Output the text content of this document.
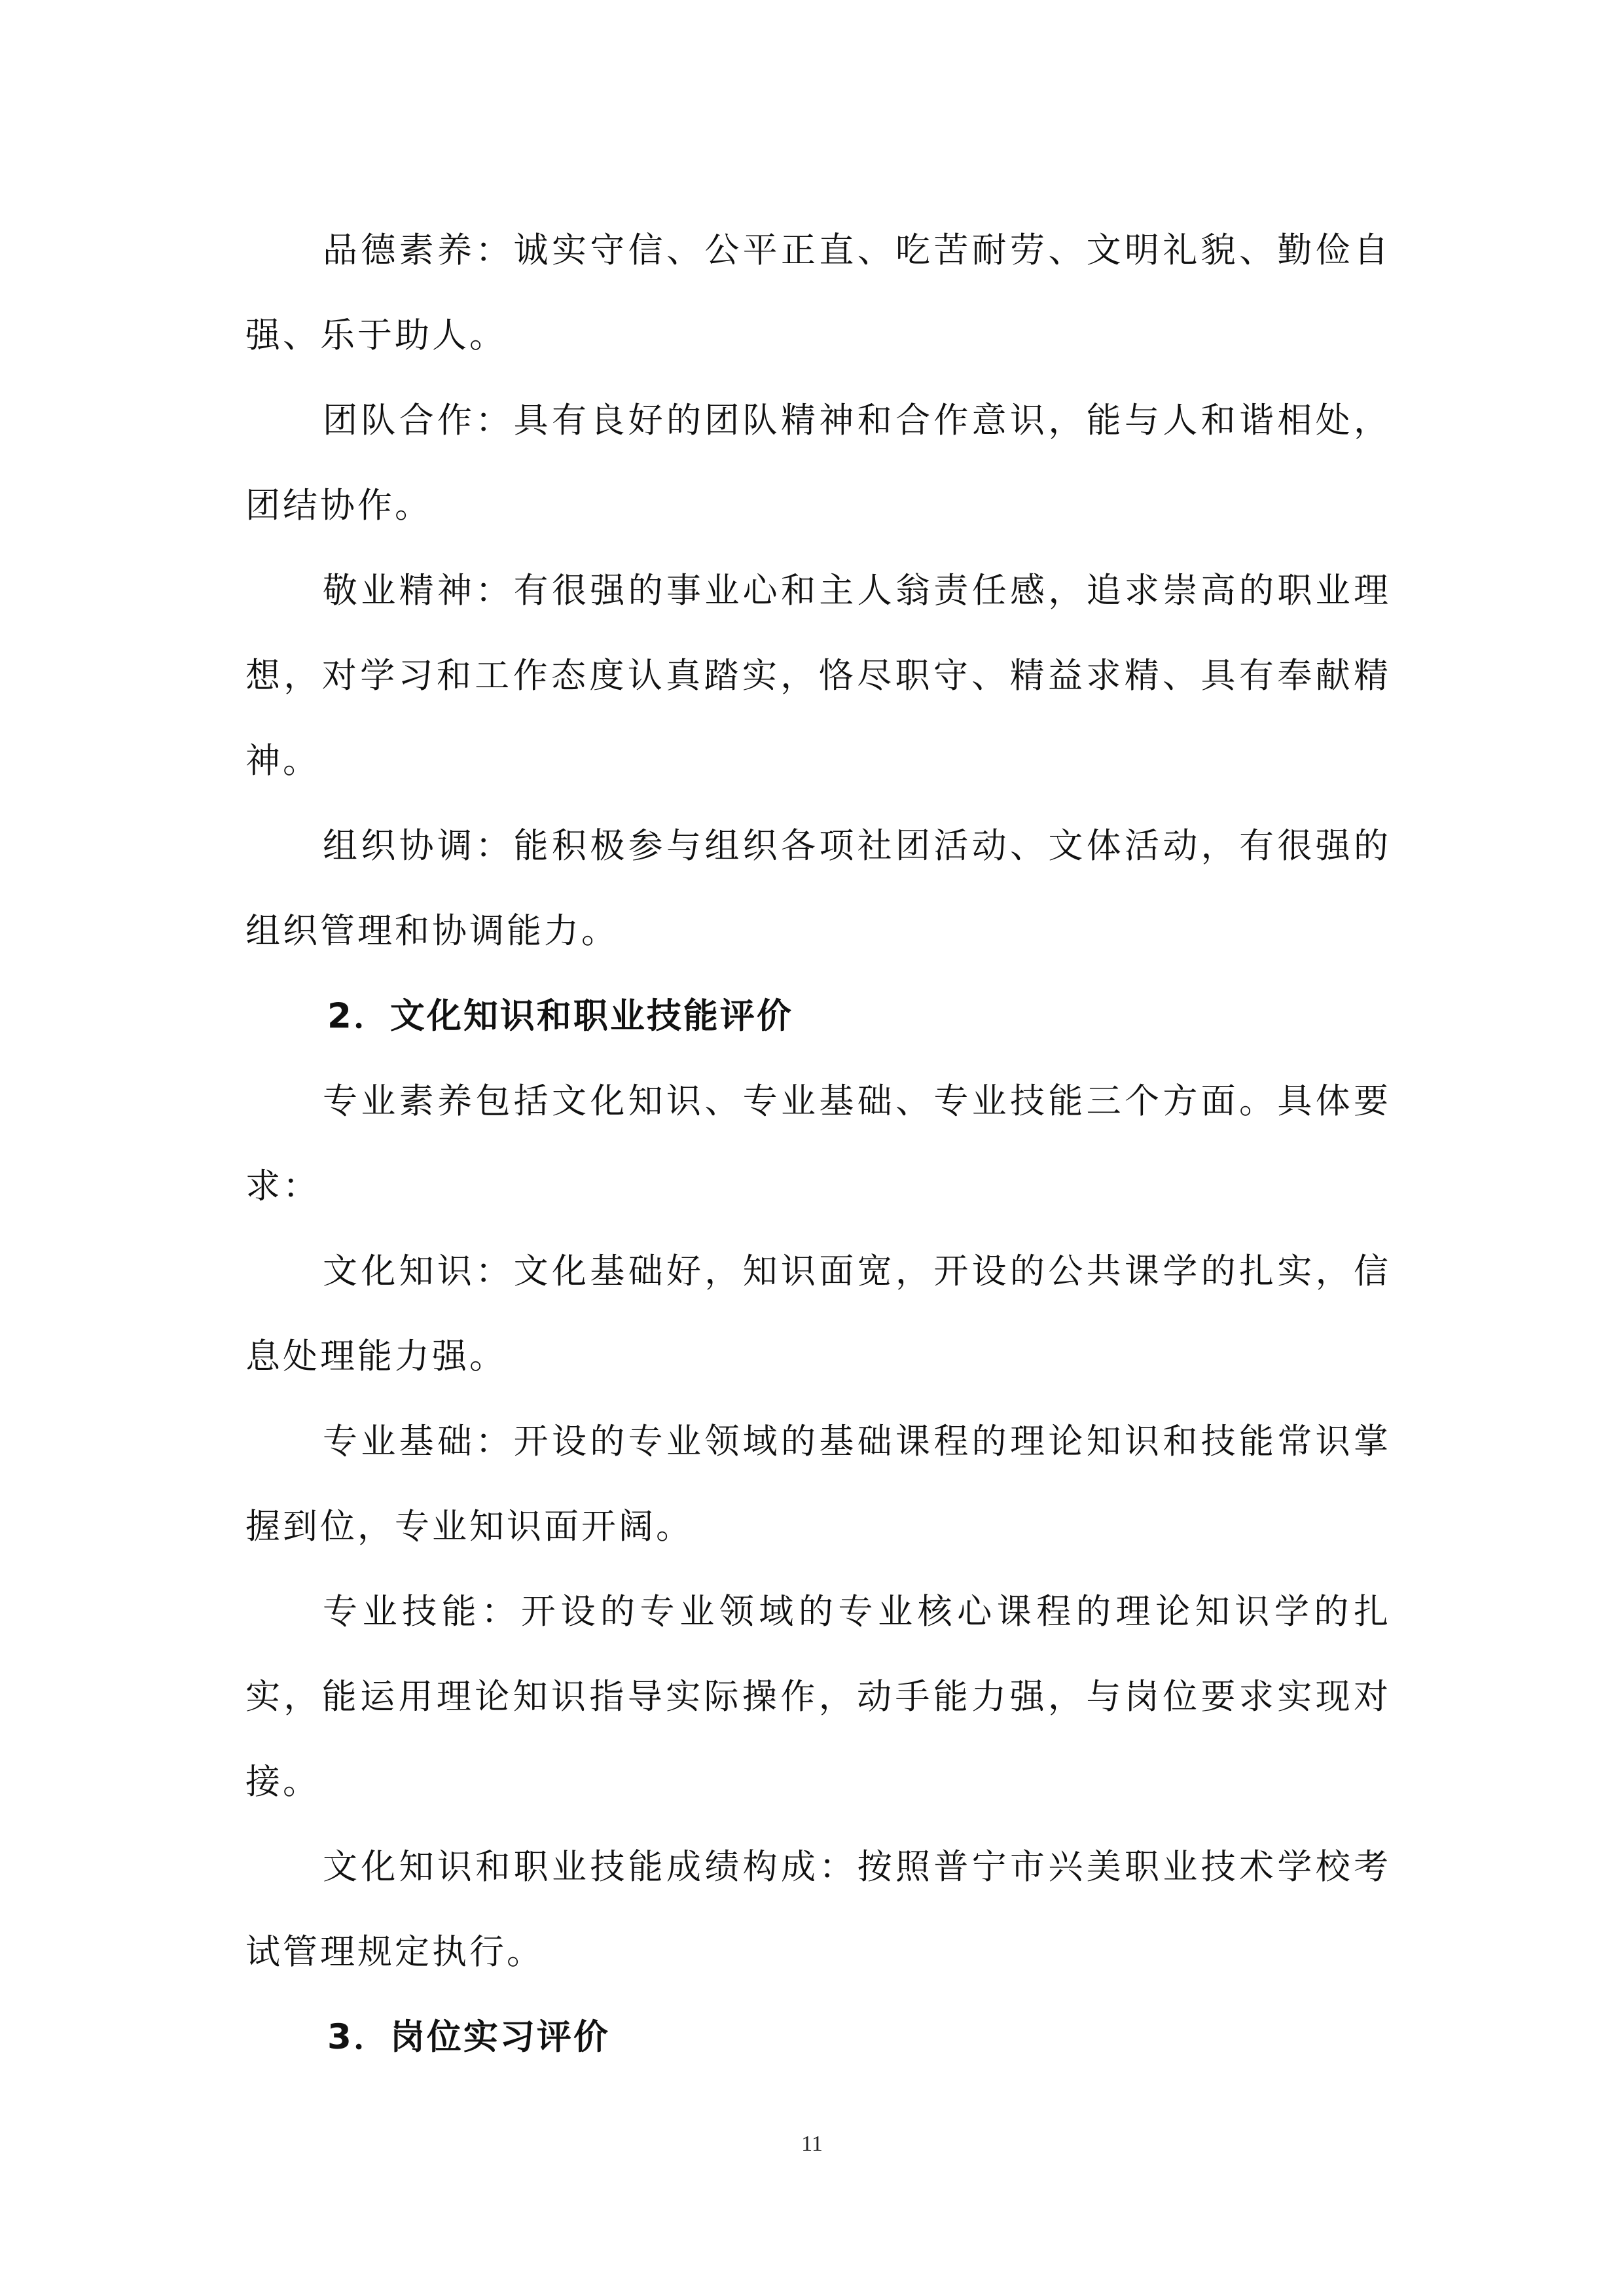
品德素养：诚实守信、公平正直、吃苦耐劳、文明礼貌、勤俭自强、乐于助人。

团队合作：具有良好的团队精神和合作意识，能与人和谐相处，团结协作。

敬业精神：有很强的事业心和主人翁责任感，追求崇高的职业理想，对学习和工作态度认真踏实，恪尽职守、精益求精、具有奉献精神。

组织协调：能积极参与组织各项社团活动、文体活动，有很强的组织管理和协调能力。

2．文化知识和职业技能评价

专业素养包括文化知识、专业基础、专业技能三个方面。具体要求：

文化知识：文化基础好，知识面宽，开设的公共课学的扎实，信息处理能力强。

专业基础：开设的专业领域的基础课程的理论知识和技能常识掌握到位，专业知识面开阔。

专业技能：开设的专业领域的专业核心课程的理论知识学的扎实，能运用理论知识指导实际操作，动手能力强，与岗位要求实现对接。

文化知识和职业技能成绩构成：按照普宁市兴美职业技术学校考试管理规定执行。

3．岗位实习评价
11
